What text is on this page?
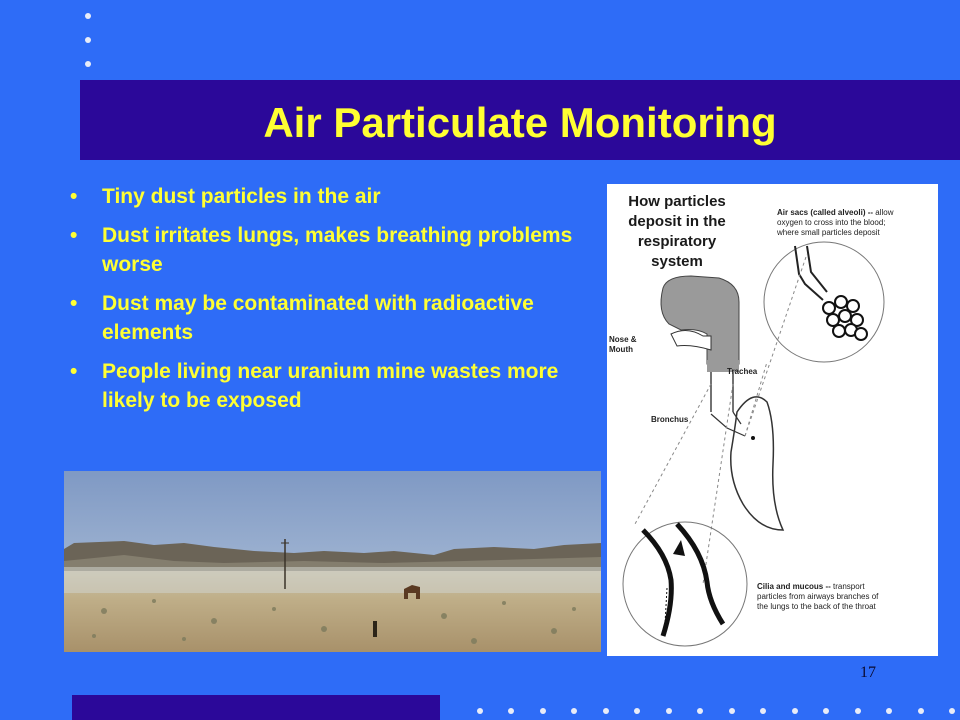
Air Particulate Monitoring
• Tiny dust particles in the air
• Dust irritates lungs, makes breathing problems worse
• Dust may be contaminated with radioactive elements
• People living near uranium mine wastes more likely to be exposed
How particles
deposit in the
respiratory
system
Air sacs (called alveoli) -- allow
oxygen to cross into the blood;
where small particles deposit
Nose &
Mouth
Trachea
Bronchus
Cilia and mucous -- transport
particles from airways branches of
the lungs to the back of the throat
17
